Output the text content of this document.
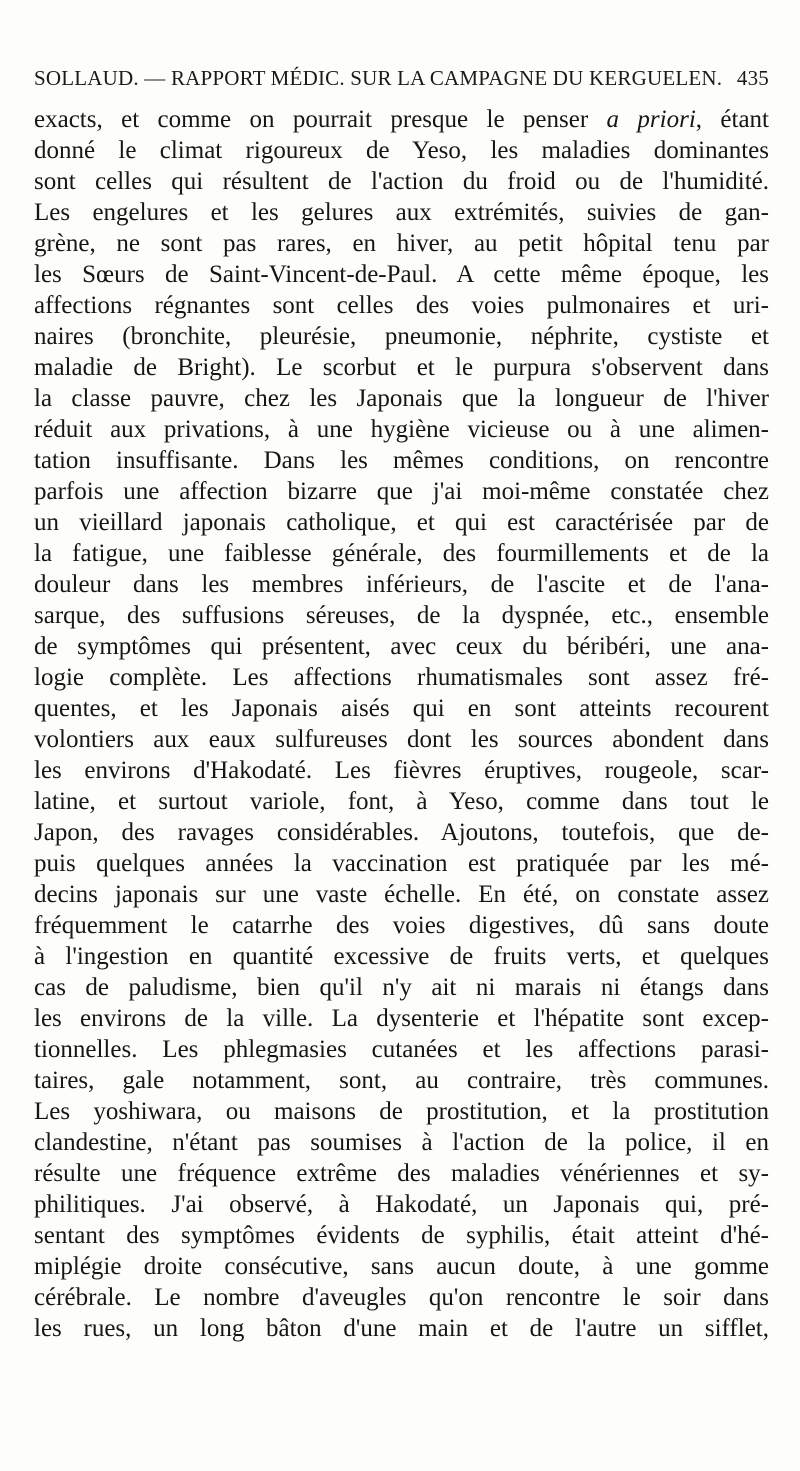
SOLLAUD. — RAPPORT MÉDIC. SUR LA CAMPAGNE DU KERGUELEN. 435
exacts, et comme on pourrait presque le penser a priori, étant
donné le climat rigoureux de Yeso, les maladies dominantes
sont celles qui résultent de l'action du froid ou de l'humidité.
Les engelures et les gelures aux extrémités, suivies de gan-
grène, ne sont pas rares, en hiver, au petit hôpital tenu par
les Sœurs de Saint-Vincent-de-Paul. A cette même époque, les
affections régnantes sont celles des voies pulmonaires et uri-
naires (bronchite, pleurésie, pneumonie, néphrite, cystiste et
maladie de Bright). Le scorbut et le purpura s'observent dans
la classe pauvre, chez les Japonais que la longueur de l'hiver
réduit aux privations, à une hygiène vicieuse ou à une alimen-
tation insuffisante. Dans les mêmes conditions, on rencontre
parfois une affection bizarre que j'ai moi-même constatée chez
un vieillard japonais catholique, et qui est caractérisée par de
la fatigue, une faiblesse générale, des fourmillements et de la
douleur dans les membres inférieurs, de l'ascite et de l'ana-
sarque, des suffusions séreuses, de la dyspnée, etc., ensemble
de symptômes qui présentent, avec ceux du béribéri, une ana-
logie complète. Les affections rhumatismales sont assez fré-
quentes, et les Japonais aisés qui en sont atteints recourent
volontiers aux eaux sulfureuses dont les sources abondent dans
les environs d'Hakodaté. Les fièvres éruptives, rougeole, scar-
latine, et surtout variole, font, à Yeso, comme dans tout le
Japon, des ravages considérables. Ajoutons, toutefois, que de-
puis quelques années la vaccination est pratiquée par les mé-
decins japonais sur une vaste échelle. En été, on constate assez
fréquemment le catarrhe des voies digestives, dû sans doute
à l'ingestion en quantité excessive de fruits verts, et quelques
cas de paludisme, bien qu'il n'y ait ni marais ni étangs dans
les environs de la ville. La dysenterie et l'hépatite sont excep-
tionnelles. Les phlegmasies cutanées et les affections parasi-
taires, gale notamment, sont, au contraire, très communes.
Les yoshiwara, ou maisons de prostitution, et la prostitution
clandestine, n'étant pas soumises à l'action de la police, il en
résulte une fréquence extrême des maladies vénériennes et sy-
philitiques. J'ai observé, à Hakodaté, un Japonais qui, pré-
sentant des symptômes évidents de syphilis, était atteint d'hé-
miplégie droite consécutive, sans aucun doute, à une gomme
cérébrale. Le nombre d'aveugles qu'on rencontre le soir dans
les rues, un long bâton d'une main et de l'autre un sifflet,
